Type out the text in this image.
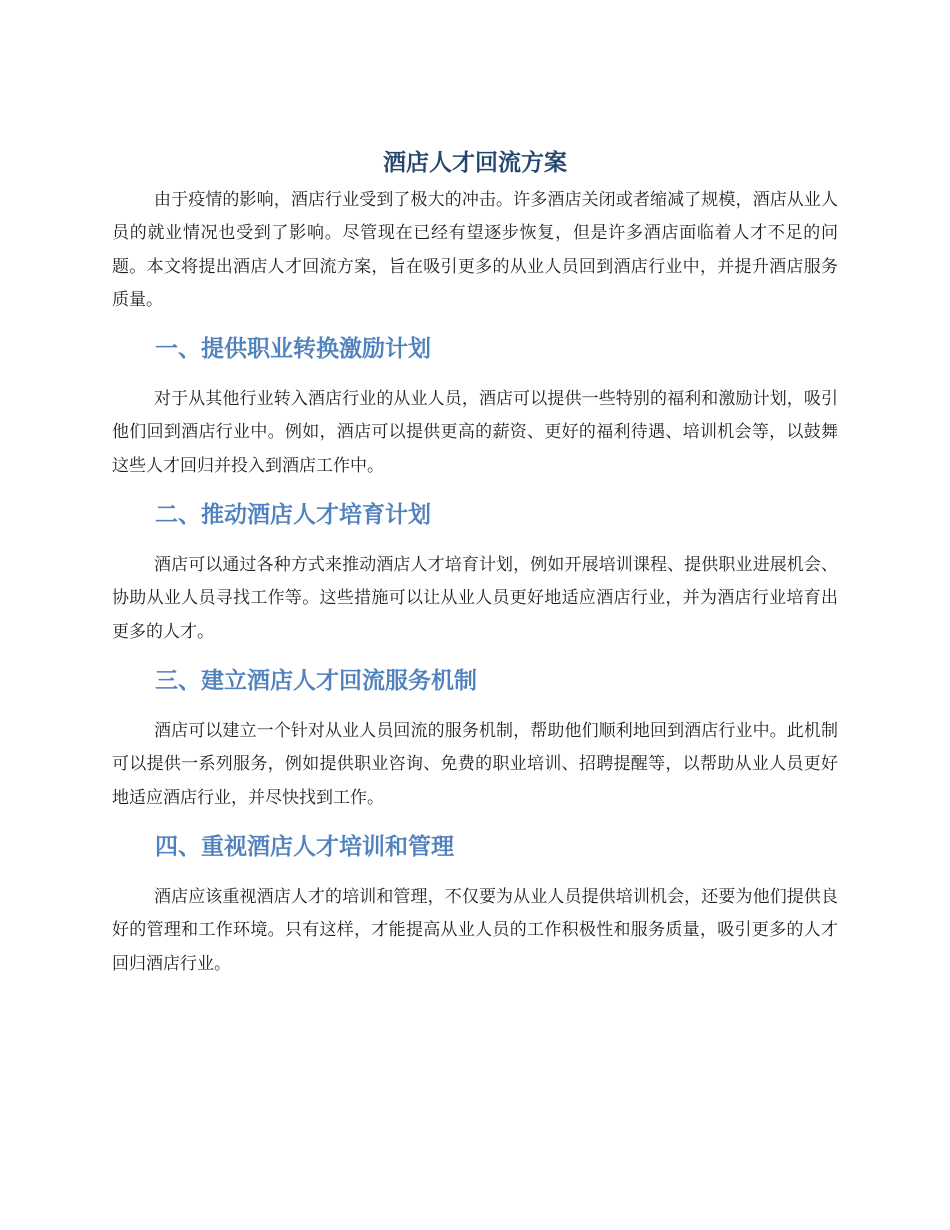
酒店人才回流方案

由于疫情的影响，酒店行业受到了极大的冲击。许多酒店关闭或者缩减了规模，酒店从业人员的就业情况也受到了影响。尽管现在已经有望逐步恢复，但是许多酒店面临着人才不足的问题。本文将提出酒店人才回流方案，旨在吸引更多的从业人员回到酒店行业中，并提升酒店服务质量。

一、提供职业转换激励计划

对于从其他行业转入酒店行业的从业人员，酒店可以提供一些特别的福利和激励计划，吸引他们回到酒店行业中。例如，酒店可以提供更高的薪资、更好的福利待遇、培训机会等，以鼓舞这些人才回归并投入到酒店工作中。

二、推动酒店人才培育计划

酒店可以通过各种方式来推动酒店人才培育计划，例如开展培训课程、提供职业进展机会、协助从业人员寻找工作等。这些措施可以让从业人员更好地适应酒店行业，并为酒店行业培育出更多的人才。

三、建立酒店人才回流服务机制

酒店可以建立一个针对从业人员回流的服务机制，帮助他们顺利地回到酒店行业中。此机制可以提供一系列服务，例如提供职业咨询、免费的职业培训、招聘提醒等，以帮助从业人员更好地适应酒店行业，并尽快找到工作。

四、重视酒店人才培训和管理

酒店应该重视酒店人才的培训和管理，不仅要为从业人员提供培训机会，还要为他们提供良好的管理和工作环境。只有这样，才能提高从业人员的工作积极性和服务质量，吸引更多的人才回归酒店行业。
